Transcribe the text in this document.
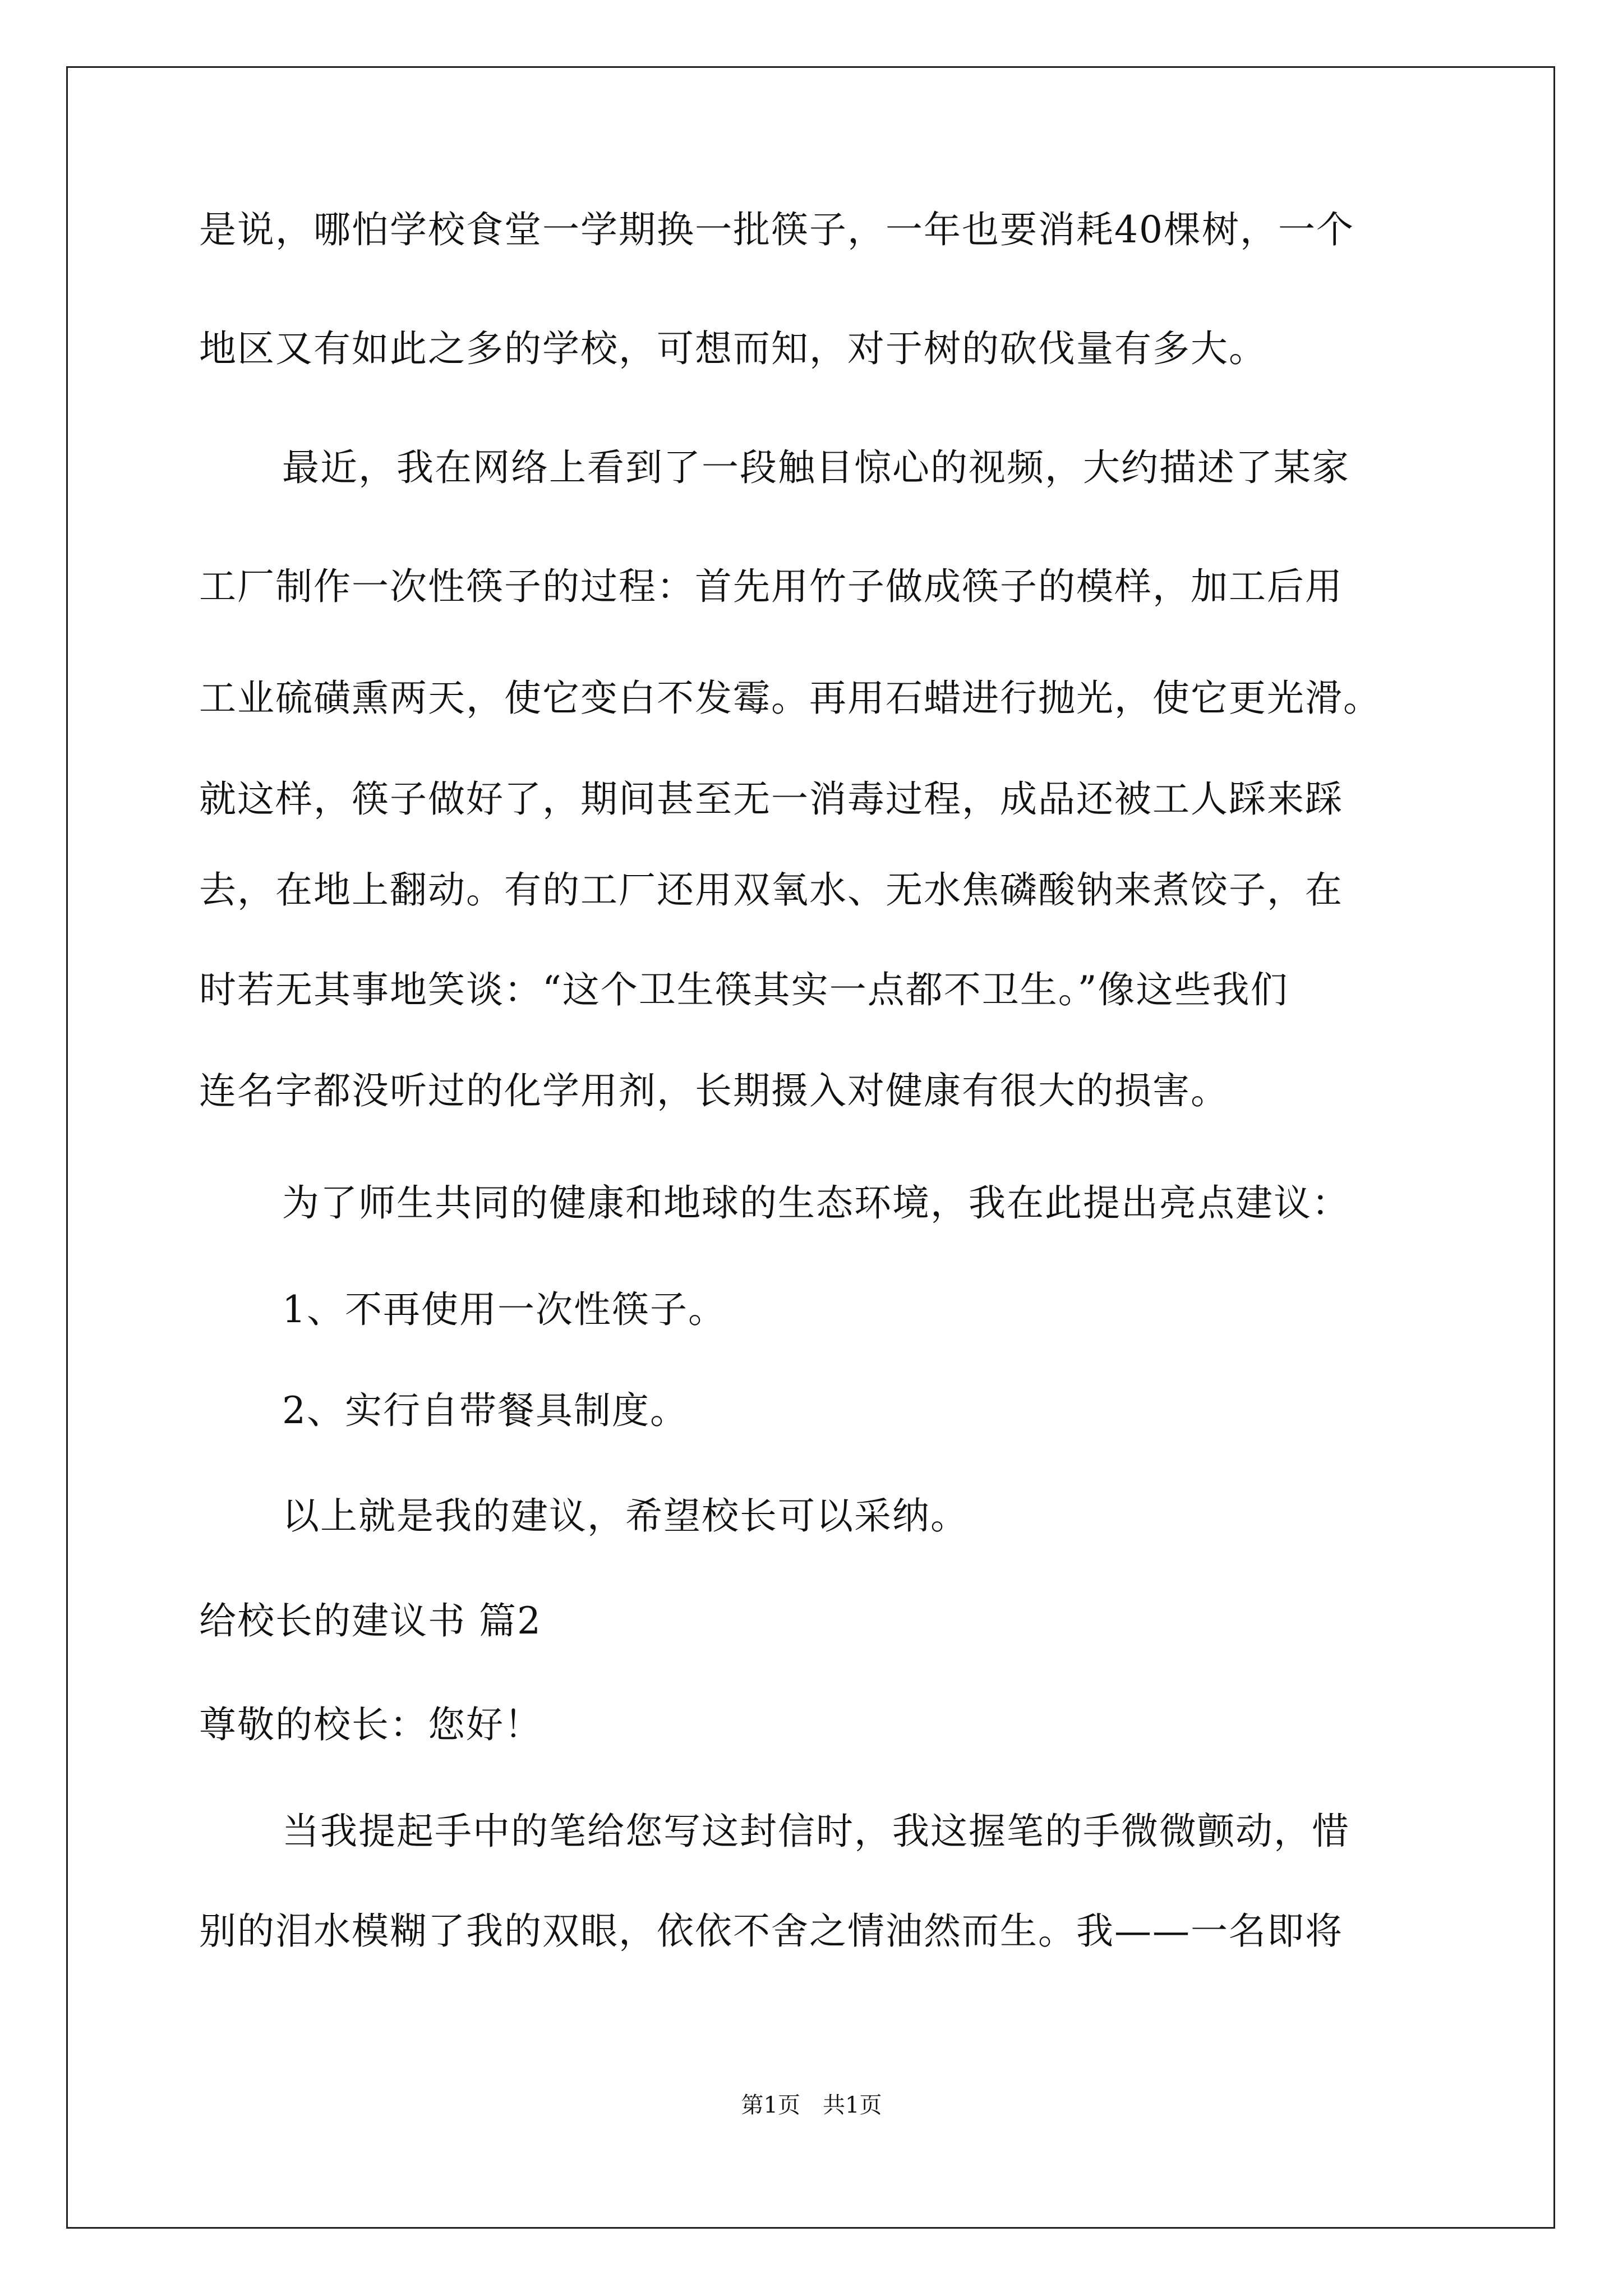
是说，哪怕学校食堂一学期换一批筷子，一年也要消耗40棵树，一个
地区又有如此之多的学校，可想而知，对于树的砍伐量有多大。
最近，我在网络上看到了一段触目惊心的视频，大约描述了某家
工厂制作一次性筷子的过程：首先用竹子做成筷子的模样，加工后用
工业硫磺熏两天，使它变白不发霉。再用石蜡进行抛光，使它更光滑。
就这样，筷子做好了，期间甚至无一消毒过程，成品还被工人踩来踩
去，在地上翻动。有的工厂还用双氧水、无水焦磷酸钠来煮饺子，在
时若无其事地笑谈：“这个卫生筷其实一点都不卫生。”像这些我们
连名字都没听过的化学用剂，长期摄入对健康有很大的损害。
为了师生共同的健康和地球的生态环境，我在此提出亮点建议：
1、不再使用一次性筷子。
2、实行自带餐具制度。
以上就是我的建议，希望校长可以采纳。
给校长的建议书 篇2
尊敬的校长：您好！
当我提起手中的笔给您写这封信时，我这握笔的手微微颤动，惜
别的泪水模糊了我的双眼，依依不舍之情油然而生。我——一名即将
第1页　共1页
